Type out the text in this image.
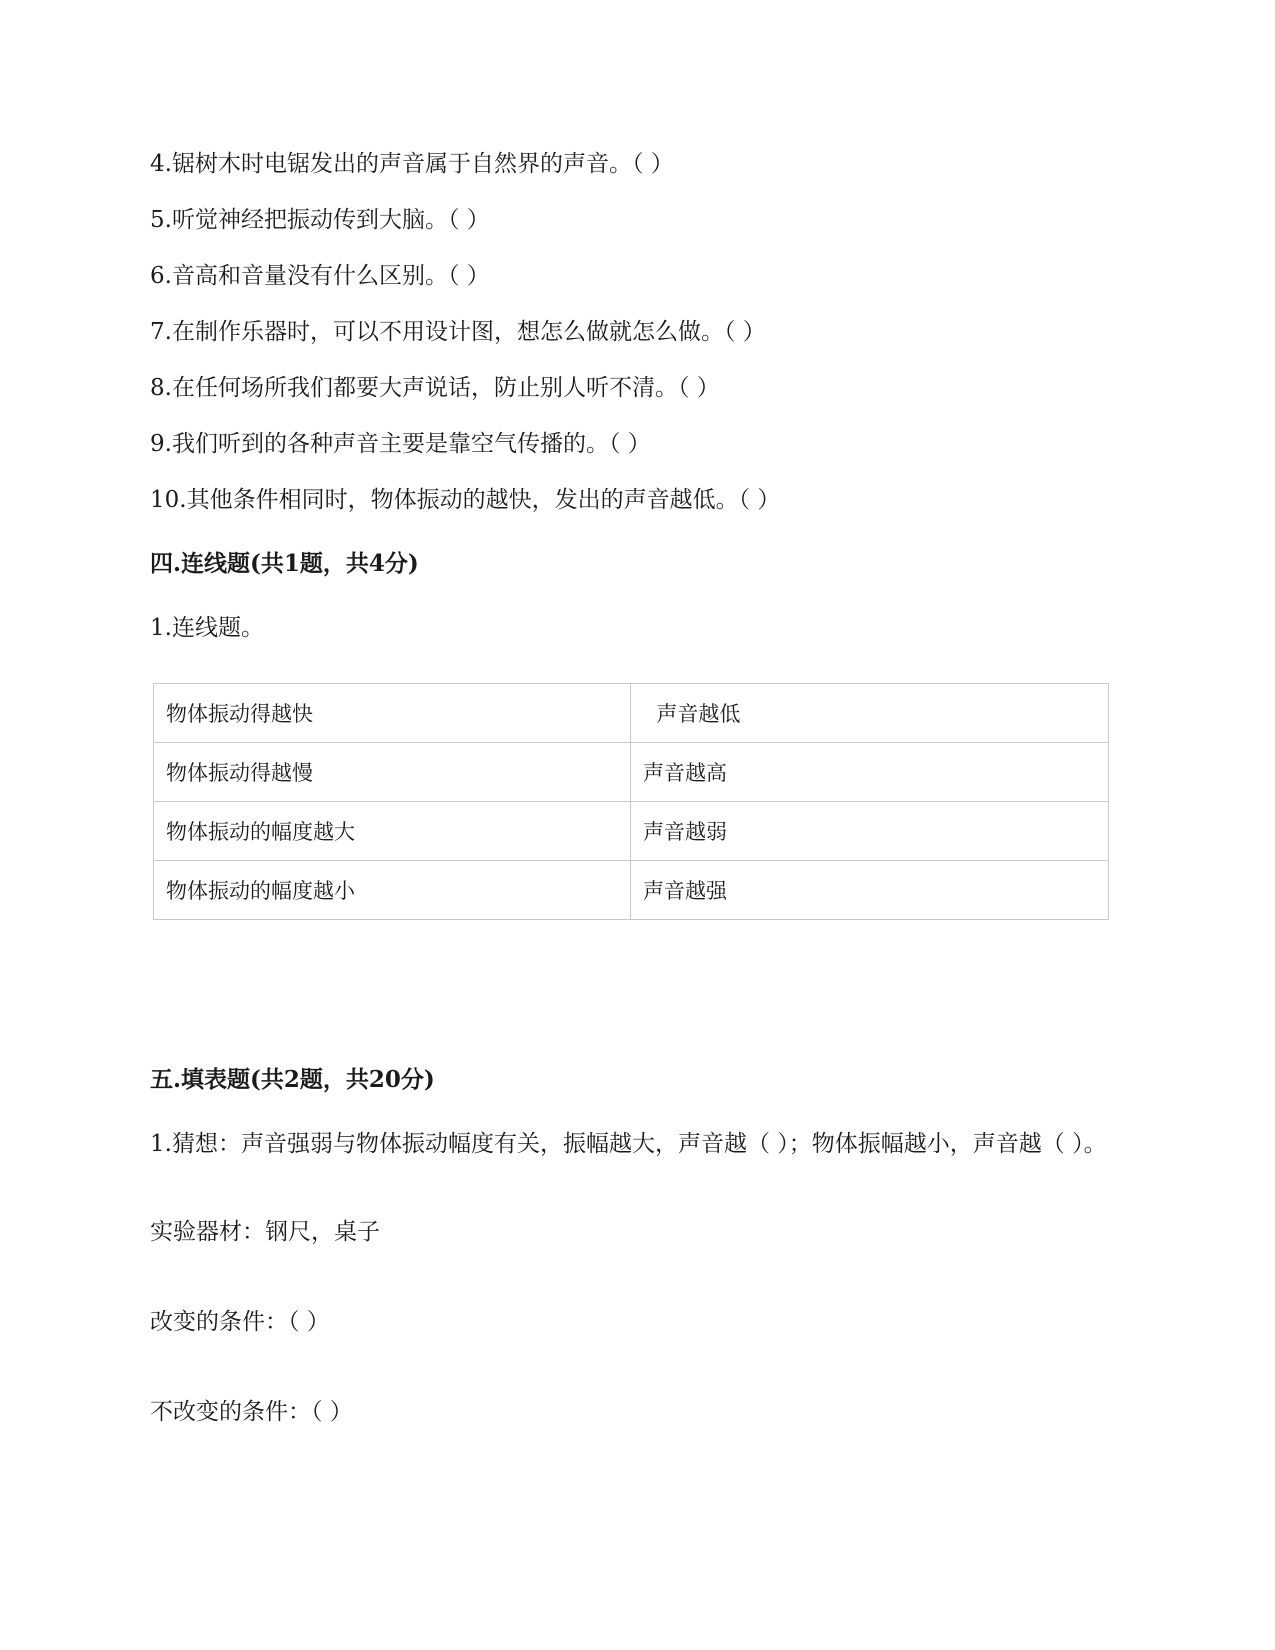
4.锯树木时电锯发出的声音属于自然界的声音。（ ）
5.听觉神经把振动传到大脑。（ ）
6.音高和音量没有什么区别。（ ）
7.在制作乐器时，可以不用设计图，想怎么做就怎么做。（ ）
8.在任何场所我们都要大声说话，防止别人听不清。（ ）
9.我们听到的各种声音主要是靠空气传播的。（ ）
10.其他条件相同时，物体振动的越快，发出的声音越低。（ ）
四.连线题(共1题，共4分)
1.连线题。
物体振动得越快	声音越低
物体振动得越慢	声音越高
物体振动的幅度越大	声音越弱
物体振动的幅度越小	声音越强
五.填表题(共2题，共20分)
1.猜想：声音强弱与物体振动幅度有关，振幅越大，声音越（ ）；物体振幅越小，声音越（ ）。
实验器材：钢尺，桌子
改变的条件：（ ）
不改变的条件：（ ）
